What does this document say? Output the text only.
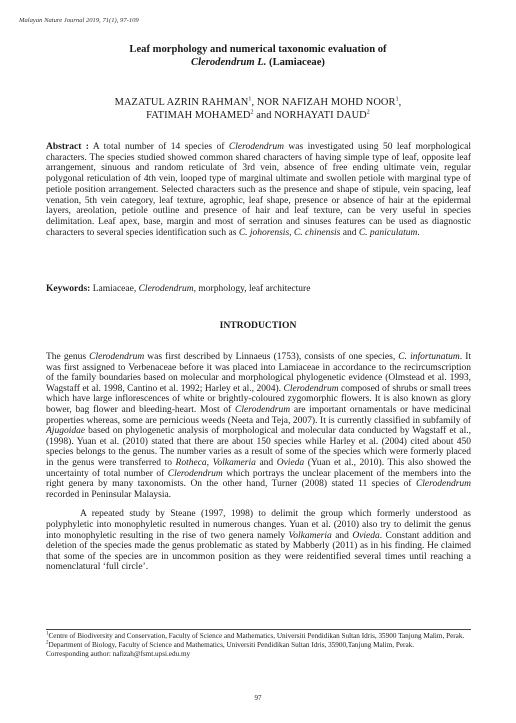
Malayan Nature Journal 2019, 71(1), 97-109
Leaf morphology and numerical taxonomic evaluation of
Clerodendrum L. (Lamiaceae)
MAZATUL AZRIN RAHMAN$^1$, NOR NAFIZAH MOHD NOOR$^1$,
FATIMAH MOHAMED$^2$ and NORHAYATI DAUD$^2$
Abstract : A total number of 14 species of Clerodendrum was investigated using 50 leaf morphological characters. The species studied showed common shared characters of having simple type of leaf, opposite leaf arrangement, sinuous and random reticulate of 3rd vein, absence of free ending ultimate vein, regular polygonal reticulation of 4th vein, looped type of marginal ultimate and swollen petiole with marginal type of petiole position arrangement. Selected characters such as the presence and shape of stipule, vein spacing, leaf venation, 5th vein category, leaf texture, agrophic, leaf shape, presence or absence of hair at the epidermal layers, areolation, petiole outline and presence of hair and leaf texture, can be very useful in species delimitation. Leaf apex, base, margin and most of serration and sinuses features can be used as diagnostic characters to several species identification such as C. johorensis, C. chinensis and C. paniculatum.
Keywords: Lamiaceae, Clerodendrum, morphology, leaf architecture
INTRODUCTION

The genus Clerodendrum was first described by Linnaeus (1753), consists of one species, C. infortunatum. It was first assigned to Verbenaceae before it was placed into Lamiaceae in accordance to the recircumscription of the family boundaries based on molecular and morphological phylogenetic evidence (Olmstead et al. 1993, Wagstaff et al. 1998, Cantino et al. 1992; Harley et al., 2004). Clerodendrum composed of shrubs or small trees which have large inflorescences of white or brightly-coloured zygomorphic flowers. It is also known as glory bower, bag flower and bleeding-heart. Most of Clerodendrum are important ornamentals or have medicinal properties whereas, some are pernicious weeds (Neeta and Teja, 2007). It is currently classified in subfamily of Ajugoidae based on phylogenetic analysis of morphological and molecular data conducted by Wagstaff et al., (1998). Yuan et al. (2010) stated that there are about 150 species while Harley et al. (2004) cited about 450 species belongs to the genus. The number varies as a result of some of the species which were formerly placed in the genus were transferred to Rotheca, Volkameria and Ovieda (Yuan et al., 2010). This also showed the uncertainty of total number of Clerodendrum which portrays the unclear placement of the members into the right genera by many taxonomists. On the other hand, Turner (2008) stated 11 species of Clerodendrum recorded in Peninsular Malaysia.

A repeated study by Steane (1997, 1998) to delimit the group which formerly understood as polyphyletic into monophyletic resulted in numerous changes. Yuan et al. (2010) also try to delimit the genus into monophyletic resulting in the rise of two genera namely Volkameria and Ovieda. Constant addition and deletion of the species made the genus problematic as stated by Mabberly (2011) as in his finding. He claimed that some of the species are in uncommon position as they were reidentified several times until reaching a nomenclatural ‘full circle’.

$^1$Centre of Biodiversity and Conservation, Faculty of Science and Mathematics, Universiti Pendidikan Sultan Idris, 35900 Tanjung Malim, Perak.
$^2$Department of Biology, Faculty of Science and Mathematics, Universiti Pendidikan Sultan Idris, 35900,Tanjung Malim, Perak.
Corresponding author: nafizah@fsmt.upsi.edu.my
97
